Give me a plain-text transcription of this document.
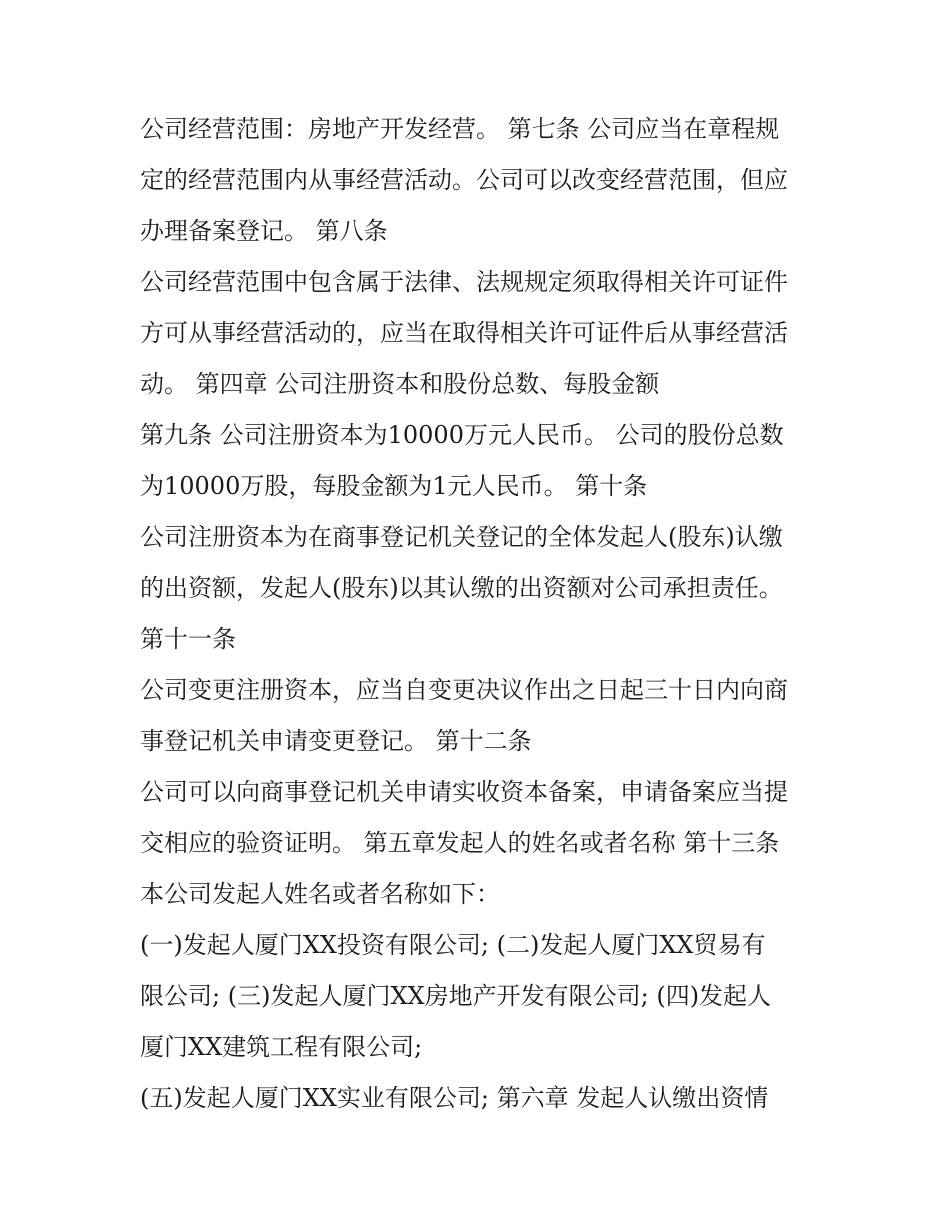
公司经营范围：房地产开发经营。 第七条 公司应当在章程规
定的经营范围内从事经营活动。公司可以改变经营范围，但应
办理备案登记。 第八条
公司经营范围中包含属于法律、法规规定须取得相关许可证件
方可从事经营活动的，应当在取得相关许可证件后从事经营活
动。 第四章 公司注册资本和股份总数、每股金额
第九条 公司注册资本为10000万元人民币。 公司的股份总数
为10000万股，每股金额为1元人民币。 第十条
公司注册资本为在商事登记机关登记的全体发起人(股东)认缴
的出资额，发起人(股东)以其认缴的出资额对公司承担责任。
第十一条
公司变更注册资本，应当自变更决议作出之日起三十日内向商
事登记机关申请变更登记。 第十二条
公司可以向商事登记机关申请实收资本备案，申请备案应当提
交相应的验资证明。 第五章发起人的姓名或者名称 第十三条
本公司发起人姓名或者名称如下：
(一)发起人厦门XX投资有限公司; (二)发起人厦门XX贸易有
限公司; (三)发起人厦门XX房地产开发有限公司; (四)发起人
厦门XX建筑工程有限公司;
(五)发起人厦门XX实业有限公司; 第六章 发起人认缴出资情
